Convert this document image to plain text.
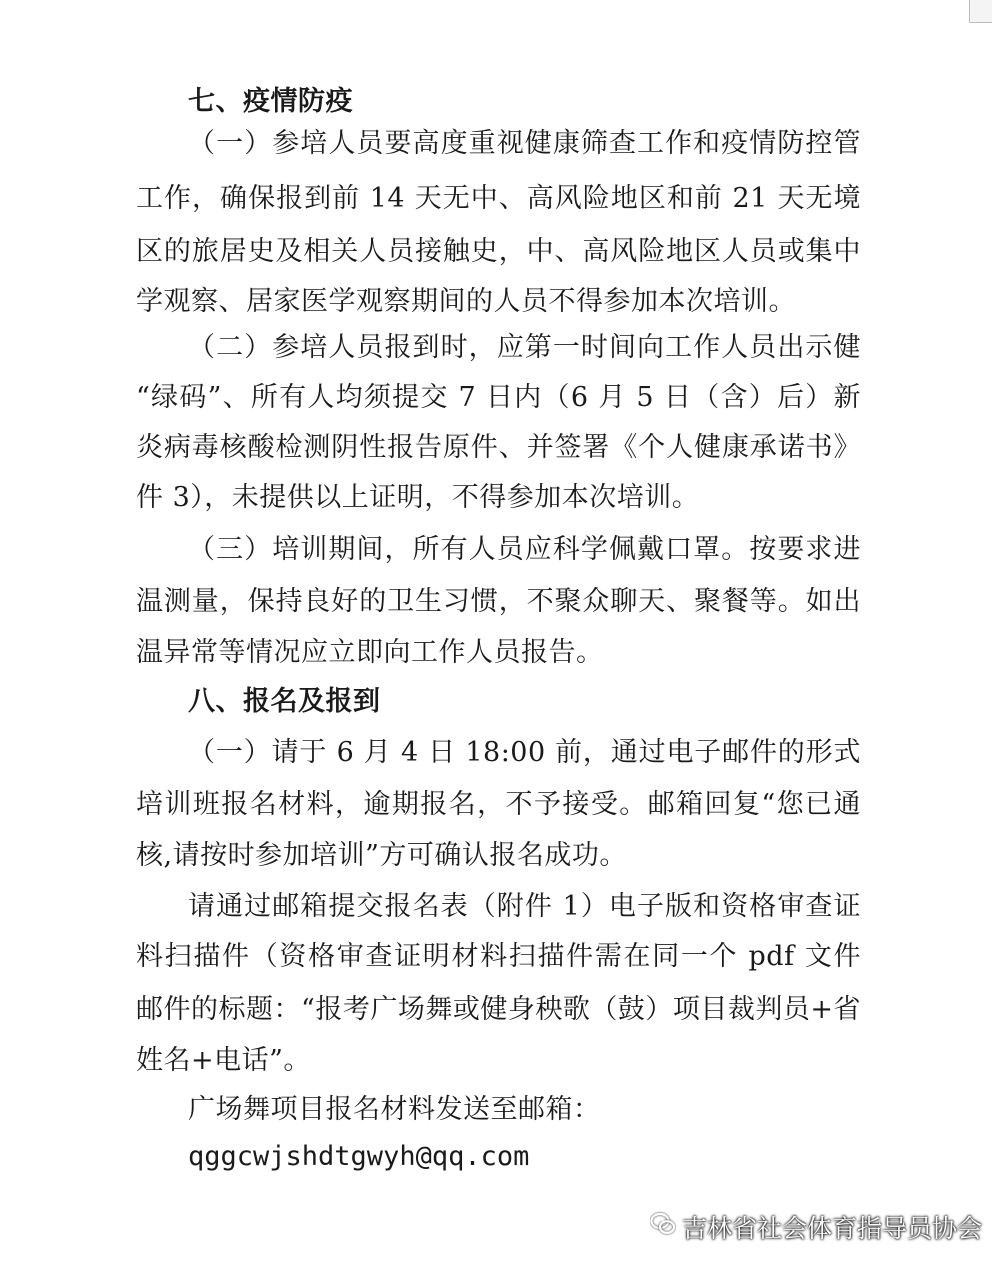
七、疫情防疫
（一）参培人员要高度重视健康筛查工作和疫情防控管
工作，确保报到前 14 天无中、高风险地区和前 21 天无境
区的旅居史及相关人员接触史，中、高风险地区人员或集中
学观察、居家医学观察期间的人员不得参加本次培训。
（二）参培人员报到时，应第一时间向工作人员出示健
“绿码”、所有人均须提交 7 日内（6 月 5 日（含）后）新
炎病毒核酸检测阴性报告原件、并签署《个人健康承诺书》
件 3），未提供以上证明，不得参加本次培训。
（三）培训期间，所有人员应科学佩戴口罩。按要求进
温测量，保持良好的卫生习惯，不聚众聊天、聚餐等。如出
温异常等情况应立即向工作人员报告。
八、报名及报到
（一）请于 6 月 4 日 18:00 前，通过电子邮件的形式
培训班报名材料，逾期报名，不予接受。邮箱回复“您已通
核,请按时参加培训”方可确认报名成功。
请通过邮箱提交报名表（附件 1）电子版和资格审查证
料扫描件（资格审查证明材料扫描件需在同一个 pdf 文件
邮件的标题：“报考广场舞或健身秧歌（鼓）项目裁判员+省
姓名+电话”。
广场舞项目报名材料发送至邮箱：
qggcwjshdtgwyh@qq.com
吉林省社会体育指导员协会
